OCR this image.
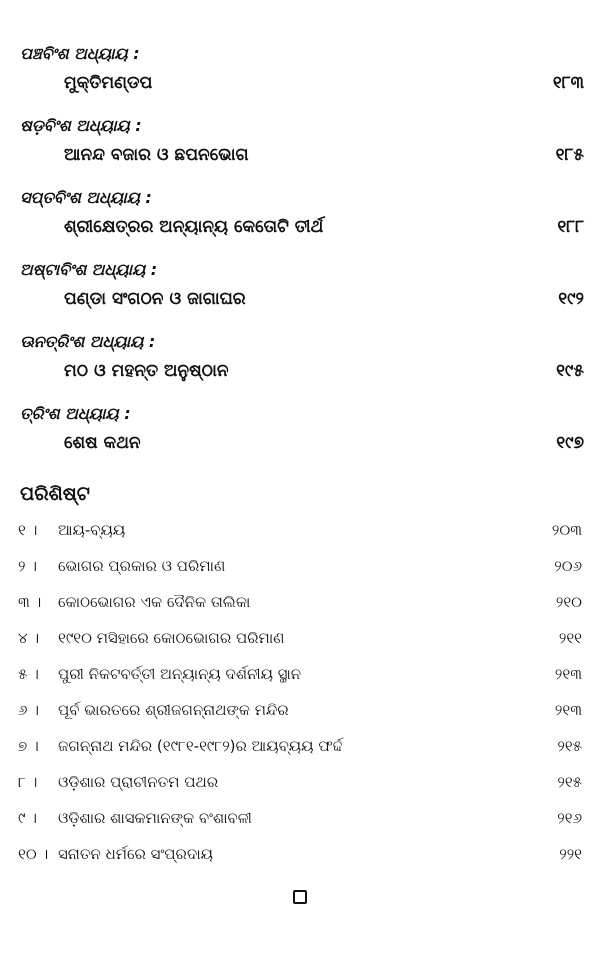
ପଞ୍ଚବିଂଶ ଅଧ୍ୟାୟ :
ମୁକ୍ତିମଣ୍ଡପ	୧୮୩
ଷଡ଼ବିଂଶ ଅଧ୍ୟାୟ :
ଆନନ୍ଦ ବଜାର ଓ ଛପନଭୋଗ	୧୮୫
ସପ୍ତବିଂଶ ଅଧ୍ୟାୟ :
ଶ୍ରୀକ୍ଷେତ୍ରର ଅନ୍ୟାନ୍ୟ କେତୋଟି ତୀର୍ଥ	୧୮୮
ଅଷ୍ଟାବିଂଶ ଅଧ୍ୟାୟ :
ପଣ୍ଡା ସଂଗଠନ ଓ ଜାଗାଘର	୧୯୨
ଊନତ୍ରିଂଶ ଅଧ୍ୟାୟ :
ମଠ ଓ ମହନ୍ତ ଅନୁଷ୍ଠାନ	୧୯୫
ତ୍ରିଂଶ ଅଧ୍ୟାୟ :
ଶେଷ କଥନ	୧୯୭
ପରିଶିଷ୍ଟ
୧ । ଆୟ-ବ୍ୟୟ	୨୦୩
୨ । ଭୋଗର ପ୍ରକାର ଓ ପରିମାଣ	୨୦୬
୩ । କୋଠଭୋଗର ଏକ ଦୈନିକ ତାଲିକା	୨୧୦
୪ । ୧୯୧୦ ମସିହାରେ କୋଠଭୋଗର ପରିମାଣ	୨୧୧
୫ । ପୁରୀ ନିକଟବର୍ତ୍ତୀ ଅନ୍ୟାନ୍ୟ ଦର୍ଶନୀୟ ସ୍ଥାନ	୨୧୩
୬ । ପୂର୍ବ ଭାରତରେ ଶ୍ରୀଜଗନ୍ନାଥଙ୍କ ମନ୍ଦିର	୨୧୩
୭ । ଜଗନ୍ନାଥ ମନ୍ଦିର (୧୯୮୧-୧୯୮୨)ର ଆୟବ୍ୟୟ ଫର୍ଦ୍ଦ	୨୧୫
୮ । ଓଡ଼ିଶାର ପ୍ରାଚୀନତମ ପଥର	୨୧୫
୯ । ଓଡ଼ିଶାର ଶାସକମାନଙ୍କ ବଂଶାବଳୀ	୨୧୬
୧୦ । ସନାତନ ଧର୍ମରେ ସଂପ୍ରଦାୟ	୨୨୧
